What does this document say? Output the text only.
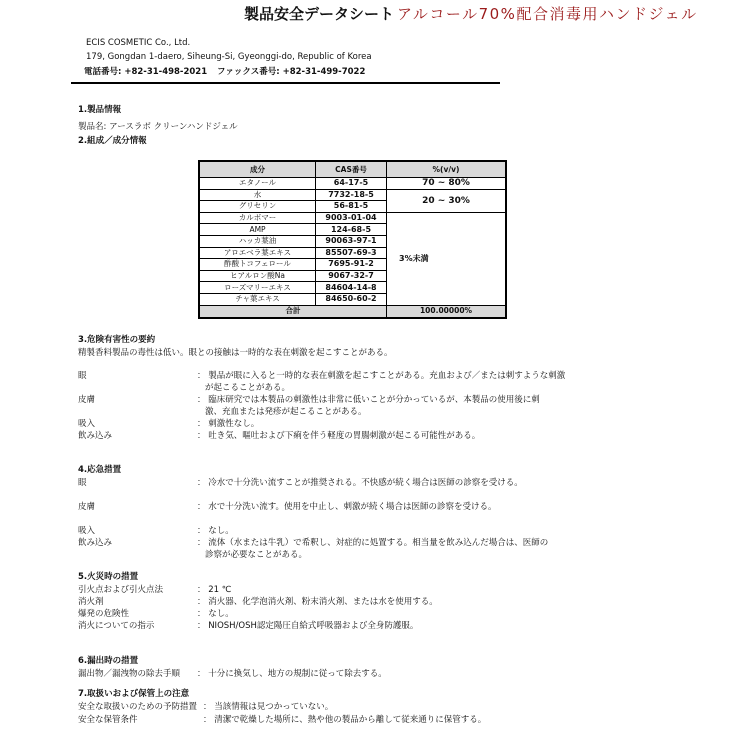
製品安全データシート アルコール70%配合消毒用ハンドジェル
ECIS COSMETIC Co., Ltd.
179, Gongdan 1-daero, Siheung-Si, Gyeonggi-do, Republic of Korea
電話番号: +82-31-498-2021 ファックス番号: +82-31-499-7022
1.製品情報
製品名: アースラボ クリーンハンドジェル
2.組成／成分情報
成分	CAS番号	%(v/v)
エタノール	64-17-5	70 ~ 80%
水	7732-18-5	20 ~ 30%
グリセリン	56-81-5	
カルボマー	9003-01-04	3%未満
AMP	124-68-5	
ハッカ葉油	90063-97-1	
アロエベラ葉エキス	85507-69-3	
酢酸トコフェロール	7695-91-2	
ヒアルロン酸Na	9067-32-7	
ローズマリーエキス	84604-14-8	
チャ葉エキス	84650-60-2	
合計		100.00000%
3.危険有害性の要約
精製香料製品の毒性は低い。眼との接触は一時的な表在刺激を起こすことがある。
眼	： 製品が眼に入ると一時的な表在刺激を起こすことがある。充血および／または刺すような刺激
が起こることがある。
皮膚	： 臨床研究では本製品の刺激性は非常に低いことが分かっているが、本製品の使用後に刺
激、充血または発疹が起こることがある。
吸入	： 刺激性なし。
飲み込み	： 吐き気、嘔吐および下痢を伴う軽度の胃腸刺激が起こる可能性がある。
4.応急措置
眼	： 冷水で十分洗い流すことが推奨される。不快感が続く場合は医師の診察を受ける。
皮膚	： 水で十分洗い流す。使用を中止し、刺激が続く場合は医師の診察を受ける。
吸入	： なし。
飲み込み	： 流体（水または牛乳）で希釈し、対症的に処置する。相当量を飲み込んだ場合は、医師の
診察が必要なことがある。
5.火災時の措置
引火点および引火点法	： 21 ℃
消火剤	： 消火器、化学泡消火剤、粉末消火剤、または水を使用する。
爆発の危険性	： なし。
消火についての指示	： NIOSH/OSH認定陽圧自給式呼吸器および全身防護服。
6.漏出時の措置
漏出物／漏洩物の除去手順 ： 十分に換気し、地方の規制に従って除去する。
7.取扱いおよび保管上の注意
安全な取扱いのための予防措置 ： 当該情報は見つかっていない。
安全な保管条件	： 清潔で乾燥した場所に、熱や他の製品から離して従来通りに保管する。
